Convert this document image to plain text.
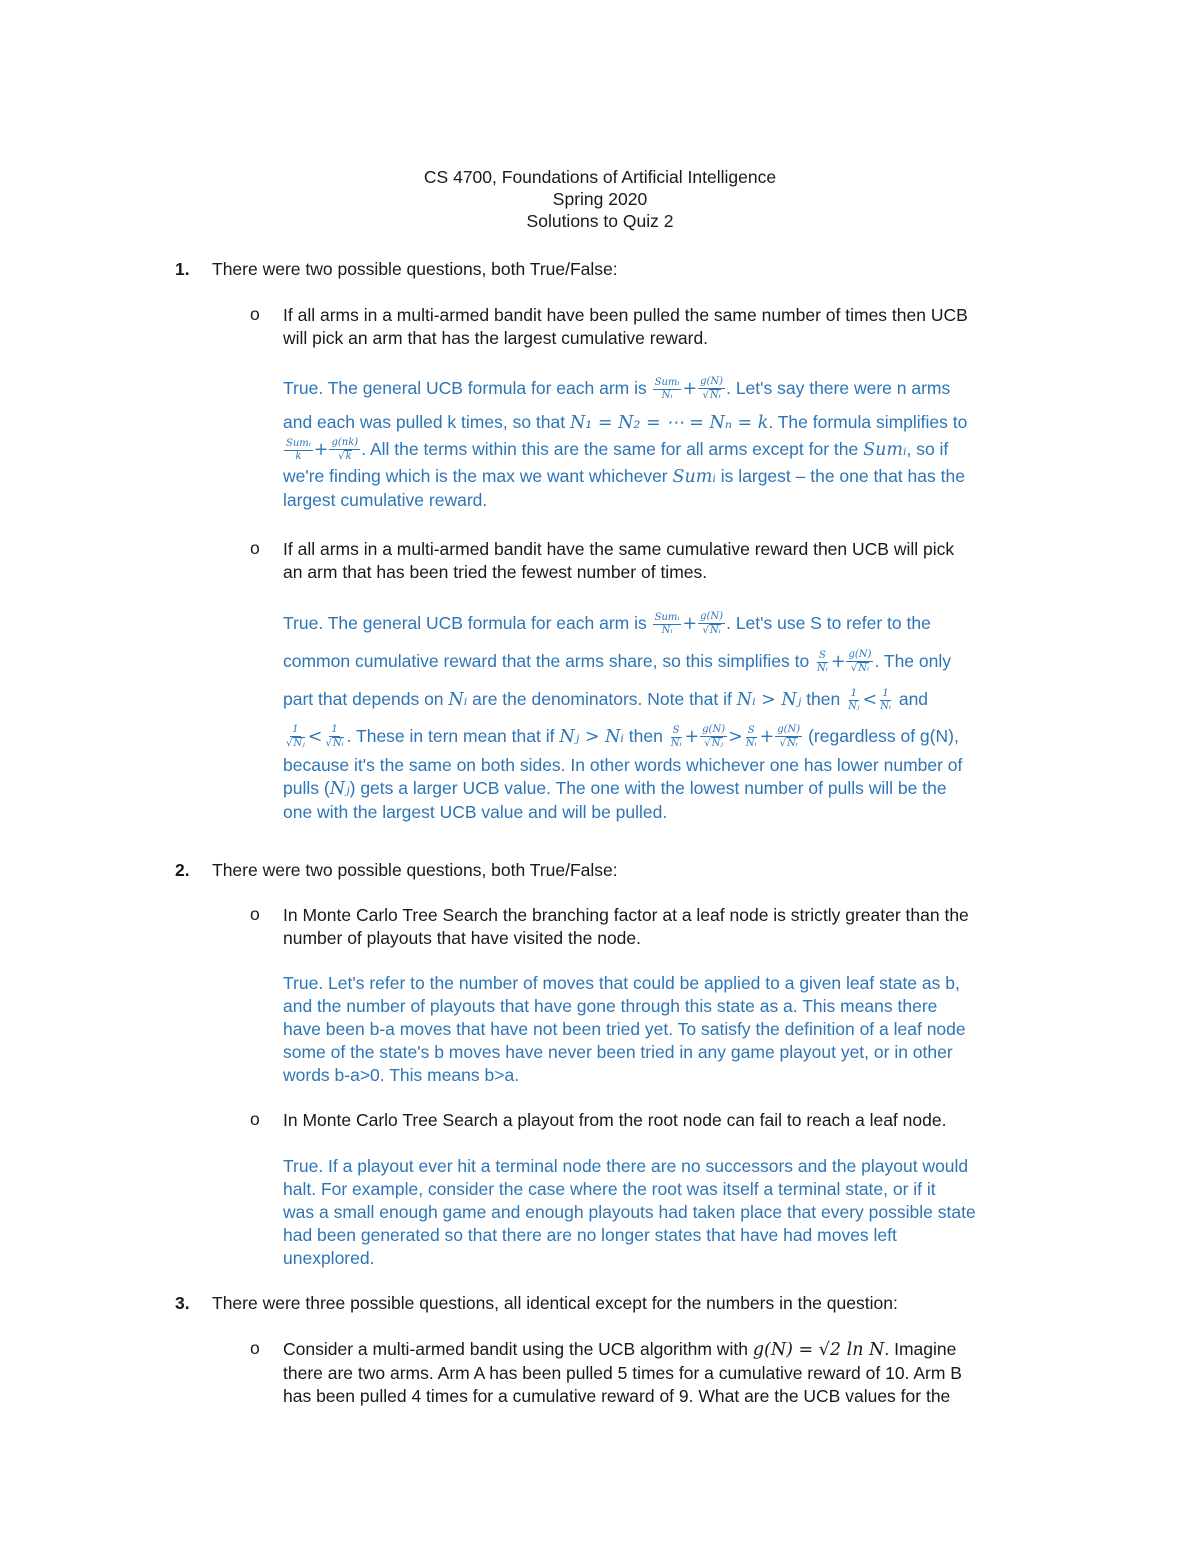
CS 4700, Foundations of Artificial Intelligence
Spring 2020
Solutions to Quiz 2
1. There were two possible questions, both True/False:
o If all arms in a multi-armed bandit have been pulled the same number of times then UCB
will pick an arm that has the largest cumulative reward.
True. The general UCB formula for each arm is $\frac{\text{Sumᵢ}}{\text{Nᵢ}} + \frac{g(N)}{\text{√Nᵢ}}$ . Let's say there were n arms
and each was pulled k times, so that N₁ = N₂ = ⋯ = Nₙ = k. The formula simplifies to
$\frac{\text{Sumᵢ}}{k} + \frac{g(nk)}{√k}$ . All the terms within this are the same for all arms except for the Sumᵢ, so if
we're finding which is the max we want whichever Sumᵢ is largest – the one that has the
largest cumulative reward.
o If all arms in a multi-armed bandit have the same cumulative reward then UCB will pick
an arm that has been tried the fewest number of times.
True. The general UCB formula for each arm is $\frac{\text{Sumᵢ}}{\text{Nᵢ}} + \frac{g(N)}{\text{√Nᵢ}}$ . Let's use S to refer to the
common cumulative reward that the arms share, so this simplifies to $\frac{S}{\text{Nᵢ}} + \frac{g(N)}{\text{√Nᵢ}}$ . The only
part that depends on Nᵢ are the denominators. Note that if Nᵢ > Nⱼ then $\frac{1}{\text{Nⱼ}} < \frac{1}{\text{Nᵢ}}$ and
$\frac{1}{\text{√Nⱼ}} < \frac{1}{\text{√Nᵢ}}$ . These in tern mean that if Nⱼ > Nᵢ then $\frac{S}{\text{Nᵢ}} + \frac{g(N)}{\text{√Nⱼ}} > \frac{S}{\text{Nᵢ}} + \frac{g(N)}{\text{√Nᵢ}}$ (regardless of g(N),
because it's the same on both sides. In other words whichever one has lower number of
pulls (Nⱼ) gets a larger UCB value. The one with the lowest number of pulls will be the
one with the largest UCB value and will be pulled.
2. There were two possible questions, both True/False:
o In Monte Carlo Tree Search the branching factor at a leaf node is strictly greater than the
number of playouts that have visited the node.
True. Let's refer to the number of moves that could be applied to a given leaf state as b,
and the number of playouts that have gone through this state as a. This means there
have been b-a moves that have not been tried yet. To satisfy the definition of a leaf node
some of the state's b moves have never been tried in any game playout yet, or in other
words b-a>0. This means b>a.
o In Monte Carlo Tree Search a playout from the root node can fail to reach a leaf node.
True. If a playout ever hit a terminal node there are no successors and the playout would
halt. For example, consider the case where the root was itself a terminal state, or if it
was a small enough game and enough playouts had taken place that every possible state
had been generated so that there are no longer states that have had moves left
unexplored.
3. There were three possible questions, all identical except for the numbers in the question:
o Consider a multi-armed bandit using the UCB algorithm with g(N) = √2 ln N. Imagine
there are two arms. Arm A has been pulled 5 times for a cumulative reward of 10. Arm B
has been pulled 4 times for a cumulative reward of 9. What are the UCB values for the
